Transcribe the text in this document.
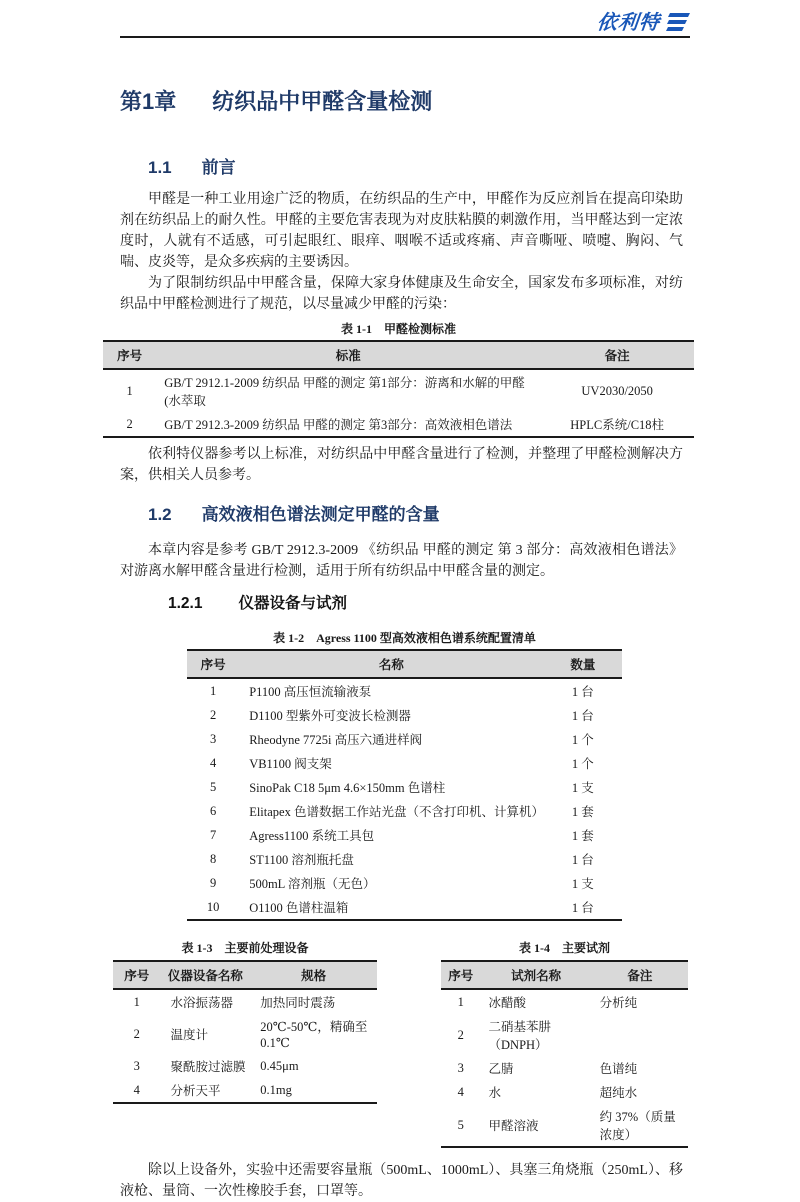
依利特
第1章 纺织品中甲醛含量检测
1.1 前言

甲醛是一种工业用途广泛的物质，在纺织品的生产中，甲醛作为反应剂旨在提高印染助剂在纺织品上的耐久性。甲醛的主要危害表现为对皮肤粘膜的刺激作用，当甲醛达到一定浓度时，人就有不适感，可引起眼红、眼痒、咽喉不适或疼痛、声音嘶哑、喷嚏、胸闷、气喘、皮炎等，是众多疾病的主要诱因。

为了限制纺织品中甲醛含量，保障大家身体健康及生命安全，国家发布多项标准，对纺织品中甲醛检测进行了规范，以尽量减少甲醛的污染：

表 1-1　甲醛检测标准
序号	标准	备注
1	GB/T 2912.1-2009 纺织品 甲醛的测定 第1部分：游离和水解的甲醛(水萃取	UV2030/2050
2	GB/T 2912.3-2009 纺织品 甲醛的测定 第3部分：高效液相色谱法	HPLC系统/C18柱

依利特仪器参考以上标准，对纺织品中甲醛含量进行了检测，并整理了甲醛检测解决方案，供相关人员参考。

1.2 高效液相色谱法测定甲醛的含量

本章内容是参考 GB/T 2912.3-2009 《纺织品 甲醛的测定 第 3 部分：高效液相色谱法》对游离水解甲醛含量进行检测，适用于所有纺织品中甲醛含量的测定。

1.2.1 仪器设备与试剂
表 1-2　Agress 1100 型高效液相色谱系统配置清单
序号	名称	数量
1	P1100 高压恒流输液泵	1 台
2	D1100 型紫外可变波长检测器	1 台
3	Rheodyne 7725i 高压六通进样阀	1 个
4	VB1100 阀支架	1 个
5	SinoPak C18 5μm 4.6×150mm 色谱柱	1 支
6	Elitapex 色谱数据工作站光盘（不含打印机、计算机）	1 套
7	Agress1100 系统工具包	1 套
8	ST1100 溶剂瓶托盘	1 台
9	500mL 溶剂瓶（无色）	1 支
10	O1100 色谱柱温箱	1 台
表 1-3　主要前处理设备
序号	仪器设备名称	规格
1	水浴振荡器	加热同时震荡
2	温度计	20℃-50℃，精确至 0.1℃
3	聚酰胺过滤膜	0.45μm
4	分析天平	0.1mg
表 1-4　主要试剂
序号	试剂名称	备注
1	冰醋酸	分析纯
2	二硝基苯肼（DNPH）	
3	乙腈	色谱纯
4	水	超纯水
5	甲醛溶液	约 37%（质量浓度）

除以上设备外，实验中还需要容量瓶（500mL、1000mL）、具塞三角烧瓶（250mL）、移液枪、量筒、一次性橡胶手套，口罩等。
